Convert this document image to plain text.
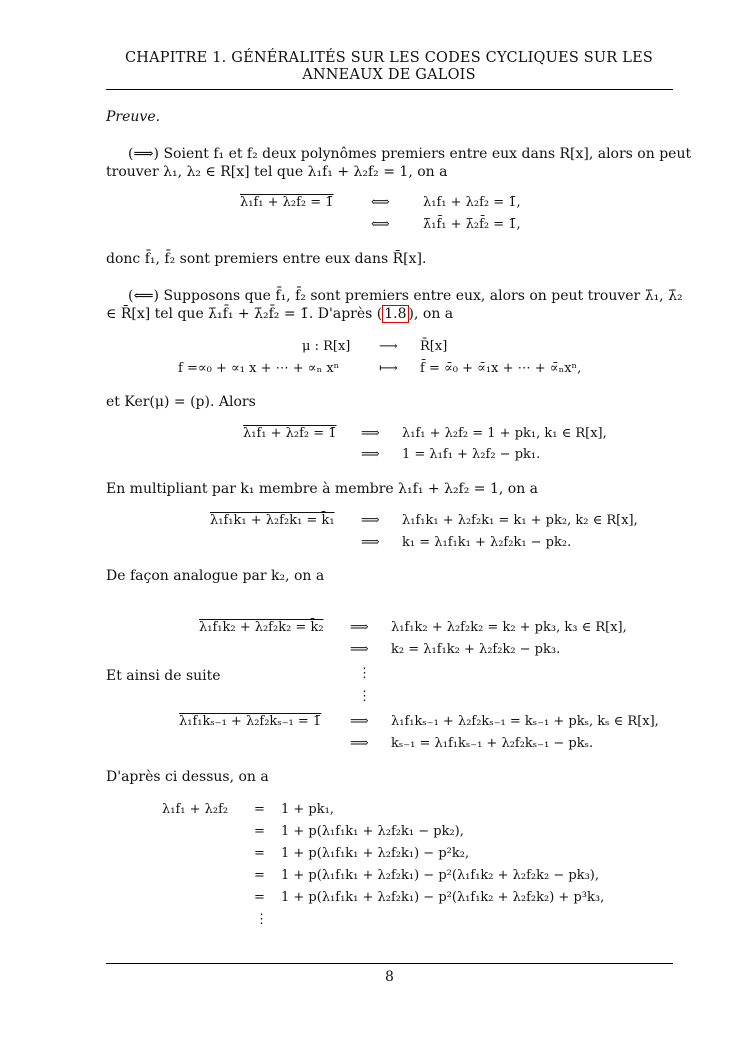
CHAPITRE 1. GÉNÉRALITÉS SUR LES CODES CYCLIQUES SUR LES
ANNEAUX DE GALOIS
Preuve.
(⟹) Soient f₁ et f₂ deux polynômes premiers entre eux dans R[x], alors on peut
trouver λ₁, λ₂ ∈ R[x] tel que λ₁f₁ + λ₂f₂ = 1, on a
λ₁f₁ + λ₂f₂ = 1̄	⟺	λ₁f₁ + λ₂f₂ = 1̄,
⟺	λ̄₁f̄₁ + λ̄₂f̄₂ = 1̄,
donc f̄₁, f̄₂ sont premiers entre eux dans R̄[x].
(⟸) Supposons que f̄₁, f̄₂ sont premiers entre eux, alors on peut trouver λ̄₁, λ̄₂
∈ R̄[x] tel que λ̄₁f̄₁ + λ̄₂f̄₂ = 1̄. D'après ( 1.8 ), on a
μ : R[x] ⟶ R̄[x]
f =∝₀ + ∝₁ x + ⋯ + ∝ₙ xⁿ	⟼ f̄ = ∝̄₀ + ∝̄₁x + ⋯ + ∝̄ₙxⁿ,
et Ker(μ) = (p). Alors
λ₁f₁ + λ₂f₂ = 1̄ ⟹ λ₁f₁ + λ₂f₂ = 1 + pk₁, k₁ ∈ R[x],
⟹ 1 = λ₁f₁ + λ₂f₂ − pk₁.
En multipliant par k₁ membre à membre λ₁f₁ + λ₂f₂ = 1, on a
λ₁f₁k₁ + λ₂f₂k₁ = k̄₁ ⟹ λ₁f₁k₁ + λ₂f₂k₁ = k₁ + pk₂, k₂ ∈ R[x],
⟹ k₁ = λ₁f₁k₁ + λ₂f₂k₁ − pk₂.
De façon analogue par k₂, on a
λ₁f₁k₂ + λ₂f₂k₂ = k̄₂ ⟹ λ₁f₁k₂ + λ₂f₂k₂ = k₂ + pk₃, k₃ ∈ R[x],
⟹ k₂ = λ₁f₁k₂ + λ₂f₂k₂ − pk₃.
Et ainsi de suite	⋮
⋮
λ₁f₁kₛ₋₁ + λ₂f₂kₛ₋₁ = 1̄ ⟹ λ₁f₁kₛ₋₁ + λ₂f₂kₛ₋₁ = kₛ₋₁ + pkₛ, kₛ ∈ R[x],
⟹ kₛ₋₁ = λ₁f₁kₛ₋₁ + λ₂f₂kₛ₋₁ − pkₛ.
D'après ci dessus, on a
λ₁f₁ + λ₂f₂ = 1 + pk₁,
= 1 + p(λ₁f₁k₁ + λ₂f₂k₁ − pk₂),
= 1 + p(λ₁f₁k₁ + λ₂f₂k₁) − p²k₂,
= 1 + p(λ₁f₁k₁ + λ₂f₂k₁) − p²(λ₁f₁k₂ + λ₂f₂k₂ − pk₃),
= 1 + p(λ₁f₁k₁ + λ₂f₂k₁) − p²(λ₁f₁k₂ + λ₂f₂k₂) + p³k₃,
⋮
8
